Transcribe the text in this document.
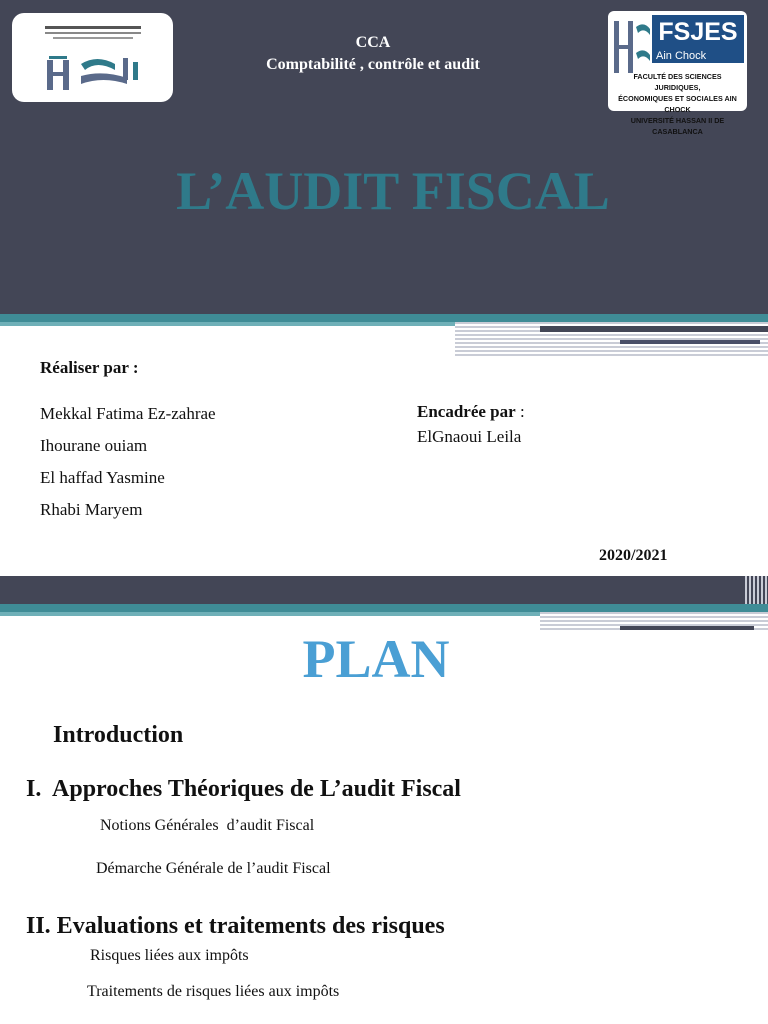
CCA
Comptabilité , contrôle et audit
FSJES
Ain Chock
FACULTÉ DES SCIENCES JURIDIQUES,
ÉCONOMIQUES ET SOCIALES AIN CHOCK
UNIVERSITÉ HASSAN II DE CASABLANCA
L’AUDIT FISCAL
Réaliser par :
Mekkal Fatima Ez-zahrae
Ihourane ouiam
El haffad Yasmine
Rhabi Maryem
Encadrée par :
ElGnaoui Leila
2020/2021
PLAN
Introduction
I.  Approches Théoriques de L’audit Fiscal
Notions Générales  d’audit Fiscal
Démarche Générale de l’audit Fiscal
II. Evaluations et traitements des risques
Risques liées aux impôts
Traitements de risques liées aux impôts
